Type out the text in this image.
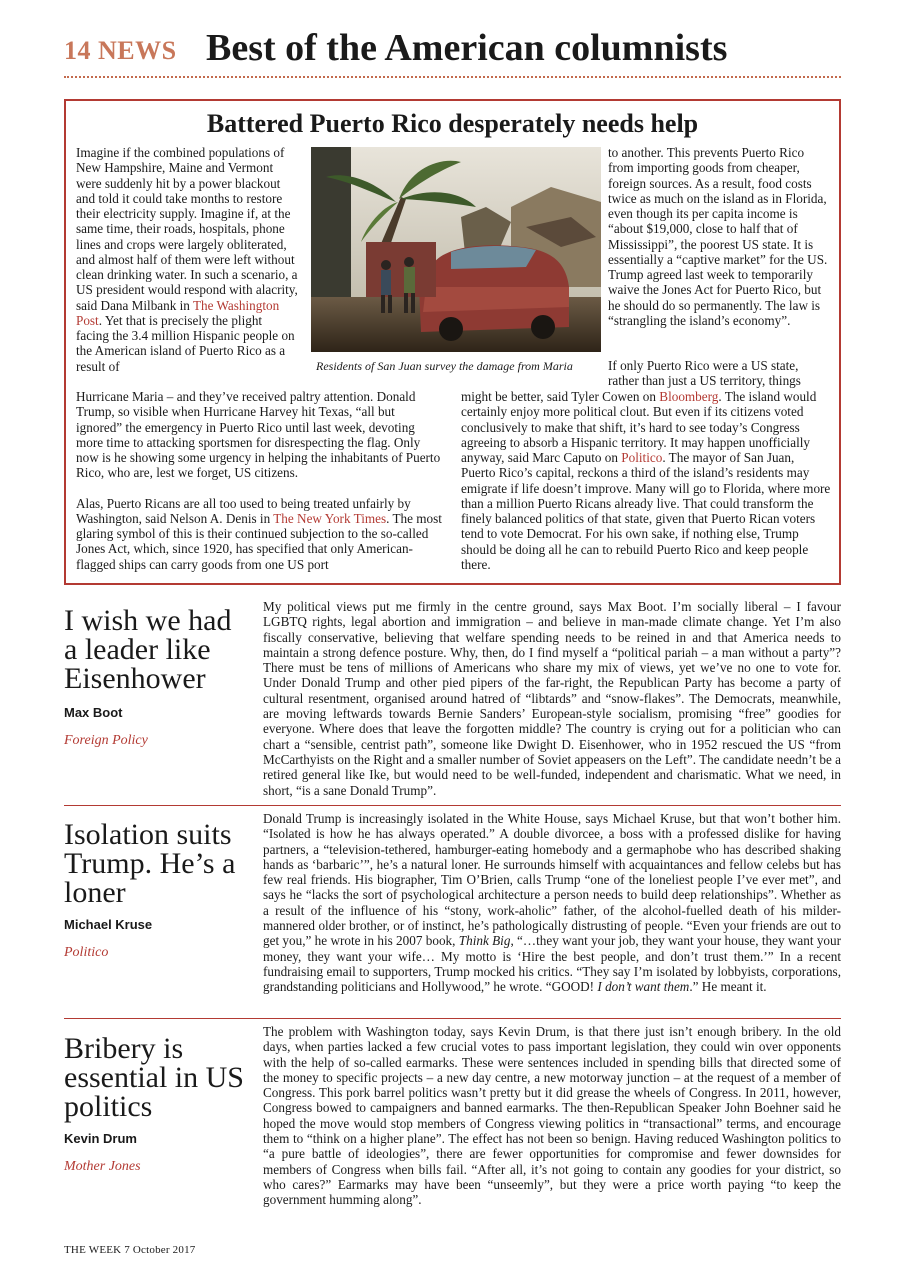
14 NEWS Best of the American columnists
Battered Puerto Rico desperately needs help
Imagine if the combined populations of New Hampshire, Maine and Vermont were suddenly hit by a power blackout and told it could take months to restore their electricity supply. Imagine if, at the same time, their roads, hospitals, phone lines and crops were largely obliterated, and almost half of them were left without clean drinking water. In such a scenario, a US president would respond with alacrity, said Dana Milbank in The Washington Post. Yet that is precisely the plight facing the 3.4 million Hispanic people on the American island of Puerto Rico as a result of	Residents of San Juan survey the damage from Maria
to another. This prevents Puerto Rico from importing goods from cheaper, foreign sources. As a result, food costs twice as much on the island as in Florida, even though its per capita income is “about $19,000, close to half that of Mississippi”, the poorest US state. It is essentially a “captive market” for the US. Trump agreed last week to temporarily waive the Jones Act for Puerto Rico, but he should do so permanently. The law is “strangling the island’s economy”.
If only Puerto Rico were a US state, rather than just a US territory, things

Hurricane Maria – and they’ve received paltry attention. Donald Trump, so visible when Hurricane Harvey hit Texas, “all but ignored” the emergency in Puerto Rico until last week, devoting more time to attacking sportsmen for disrespecting the flag. Only now is he showing some urgency in helping the inhabitants of Puerto Rico, who are, lest we forget, US citizens.

Alas, Puerto Ricans are all too used to being treated unfairly by Washington, said Nelson A. Denis in The New York Times. The most glaring symbol of this is their continued subjection to the so-called Jones Act, which, since 1920, has specified that only American-flagged ships can carry goods from one US port

might be better, said Tyler Cowen on Bloomberg. The island would certainly enjoy more political clout. But even if its citizens voted conclusively to make that shift, it’s hard to see today’s Congress agreeing to absorb a Hispanic territory. It may happen unofficially anyway, said Marc Caputo on Politico. The mayor of San Juan, Puerto Rico’s capital, reckons a third of the island’s residents may emigrate if life doesn’t improve. Many will go to Florida, where more than a million Puerto Ricans already live. That could transform the finely balanced politics of that state, given that Puerto Rican voters tend to vote Democrat. For his own sake, if nothing else, Trump should be doing all he can to rebuild Puerto Rico and keep people there.
I wish we had a leader like Eisenhower
Max Boot
Foreign Policy
My political views put me firmly in the centre ground, says Max Boot. I’m socially liberal – I favour LGBTQ rights, legal abortion and immigration – and believe in man-made climate change. Yet I’m also fiscally conservative, believing that welfare spending needs to be reined in and that America needs to maintain a strong defence posture. Why, then, do I find myself a “political pariah – a man without a party”? There must be tens of millions of Americans who share my mix of views, yet we’ve no one to vote for. Under Donald Trump and other pied pipers of the far-right, the Republican Party has become a party of cultural resentment, organised around hatred of “libtards” and “snow-flakes”. The Democrats, meanwhile, are moving leftwards towards Bernie Sanders’ European-style socialism, promising “free” goodies for everyone. Where does that leave the forgotten middle? The country is crying out for a politician who can chart a “sensible, centrist path”, someone like Dwight D. Eisenhower, who in 1952 rescued the US “from McCarthyists on the Right and a smaller number of Soviet appeasers on the Left”. The candidate needn’t be a retired general like Ike, but would need to be well-funded, independent and charismatic. What we need, in short, “is a sane Donald Trump”.
Isolation suits Trump. He’s a loner
Michael Kruse
Politico
Donald Trump is increasingly isolated in the White House, says Michael Kruse, but that won’t bother him. “Isolated is how he has always operated.” A double divorcee, a boss with a professed dislike for having partners, a “television-tethered, hamburger-eating homebody and a germaphobe who has described shaking hands as ‘barbaric’”, he’s a natural loner. He surrounds himself with acquaintances and fellow celebs but has few real friends. His biographer, Tim O’Brien, calls Trump “one of the loneliest people I’ve ever met”, and says he “lacks the sort of psychological architecture a person needs to build deep relationships”. Whether as a result of the influence of his “stony, work-aholic” father, of the alcohol-fuelled death of his milder-mannered older brother, or of instinct, he’s pathologically distrusting of people. “Even your friends are out to get you,” he wrote in his 2007 book, Think Big, “…they want your job, they want your house, they want your money, they want your wife… My motto is ‘Hire the best people, and don’t trust them.’” In a recent fundraising email to supporters, Trump mocked his critics. “They say I’m isolated by lobbyists, corporations, grandstanding politicians and Hollywood,” he wrote. “GOOD! I don’t want them.” He meant it.
Bribery is essential in US politics
Kevin Drum
Mother Jones
The problem with Washington today, says Kevin Drum, is that there just isn’t enough bribery. In the old days, when parties lacked a few crucial votes to pass important legislation, they could win over opponents with the help of so-called earmarks. These were sentences included in spending bills that directed some of the money to specific projects – a new day centre, a new motorway junction – at the request of a member of Congress. This pork barrel politics wasn’t pretty but it did grease the wheels of Congress. In 2011, however, Congress bowed to campaigners and banned earmarks. The then-Republican Speaker John Boehner said he hoped the move would stop members of Congress viewing politics in “transactional” terms, and encourage them to “think on a higher plane”. The effect has not been so benign. Having reduced Washington politics to “a pure battle of ideologies”, there are fewer opportunities for compromise and fewer downsides for members of Congress when bills fail. “After all, it’s not going to contain any goodies for your district, so who cares?” Earmarks may have been “unseemly”, but they were a price worth paying “to keep the government humming along”.
THE WEEK 7 October 2017
